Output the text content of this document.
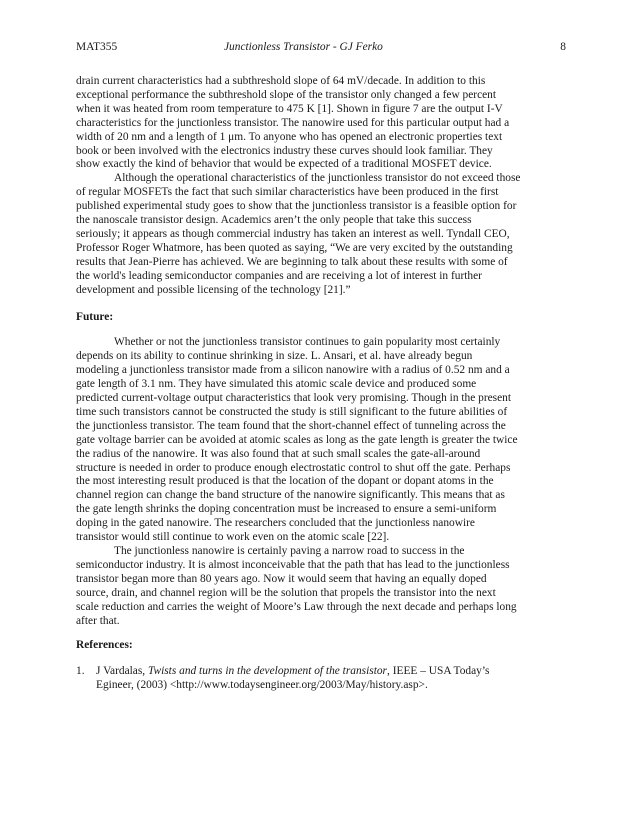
MAT355	Junctionless Transistor - GJ Ferko	8

drain current characteristics had a subthreshold slope of 64 mV/decade. In addition to this

exceptional performance the subthreshold slope of the transistor only changed a few percent

when it was heated from room temperature to 475 K [1]. Shown in figure 7 are the output I-V

characteristics for the junctionless transistor. The nanowire used for this particular output had a

width of 20 nm and a length of 1 μm. To anyone who has opened an electronic properties text

book or been involved with the electronics industry these curves should look familiar. They

show exactly the kind of behavior that would be expected of a traditional MOSFET device.

Although the operational characteristics of the junctionless transistor do not exceed those

of regular MOSFETs the fact that such similar characteristics have been produced in the first

published experimental study goes to show that the junctionless transistor is a feasible option for

the nanoscale transistor design. Academics aren’t the only people that take this success

seriously; it appears as though commercial industry has taken an interest as well. Tyndall CEO,

Professor Roger Whatmore, has been quoted as saying, “We are very excited by the outstanding

results that Jean-Pierre has achieved. We are beginning to talk about these results with some of

the world's leading semiconductor companies and are receiving a lot of interest in further

development and possible licensing of the technology [21].”

Future:

Whether or not the junctionless transistor continues to gain popularity most certainly

depends on its ability to continue shrinking in size. L. Ansari, et al. have already begun

modeling a junctionless transistor made from a silicon nanowire with a radius of 0.52 nm and a

gate length of 3.1 nm. They have simulated this atomic scale device and produced some

predicted current-voltage output characteristics that look very promising. Though in the present

time such transistors cannot be constructed the study is still significant to the future abilities of

the junctionless transistor. The team found that the short-channel effect of tunneling across the

gate voltage barrier can be avoided at atomic scales as long as the gate length is greater the twice

the radius of the nanowire. It was also found that at such small scales the gate-all-around

structure is needed in order to produce enough electrostatic control to shut off the gate. Perhaps

the most interesting result produced is that the location of the dopant or dopant atoms in the

channel region can change the band structure of the nanowire significantly. This means that as

the gate length shrinks the doping concentration must be increased to ensure a semi-uniform

doping in the gated nanowire. The researchers concluded that the junctionless nanowire

transistor would still continue to work even on the atomic scale [22].

The junctionless nanowire is certainly paving a narrow road to success in the

semiconductor industry. It is almost inconceivable that the path that has lead to the junctionless

transistor began more than 80 years ago. Now it would seem that having an equally doped

source, drain, and channel region will be the solution that propels the transistor into the next

scale reduction and carries the weight of Moore’s Law through the next decade and perhaps long

after that.

References:

1. J Vardalas, Twists and turns in the development of the transistor, IEEE – USA Today’s
Egineer, (2003) <http://www.todaysengineer.org/2003/May/history.asp>.
